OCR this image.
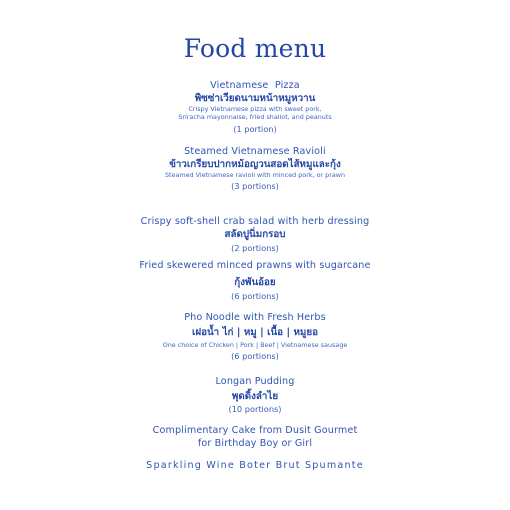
Food menu
Vietnamese  Pizza
พิซซ่าเวียดนามหน้าหมูหวาน
Crispy Vietnamese pizza with sweet pork,
Sriracha mayonnaise, fried shallot, and peanuts
(1 portion)
Steamed Vietnamese Ravioli
ข้าวเกรียบปากหม้อญวนสอดไส้หมูและกุ้ง
Steamed Vietnamese ravioli with minced pork, or prawn
(3 portions)
Crispy soft-shell crab salad with herb dressing
สลัดปูนิ่มกรอบ
(2 portions)
Fried skewered minced prawns with sugarcane
กุ้งพันอ้อย
(6 portions)
Pho Noodle with Fresh Herbs
เฝอน้ำ ไก่ | หมู | เนื้อ | หมูยอ
One choice of Chicken | Pork | Beef | Vietnamese sausage
(6 portions)
Longan Pudding
พุดดิ้งลำไย
(10 portions)
Complimentary Cake from Dusit Gourmet
for Birthday Boy or Girl
Sparkling Wine Boter Brut Spumante
